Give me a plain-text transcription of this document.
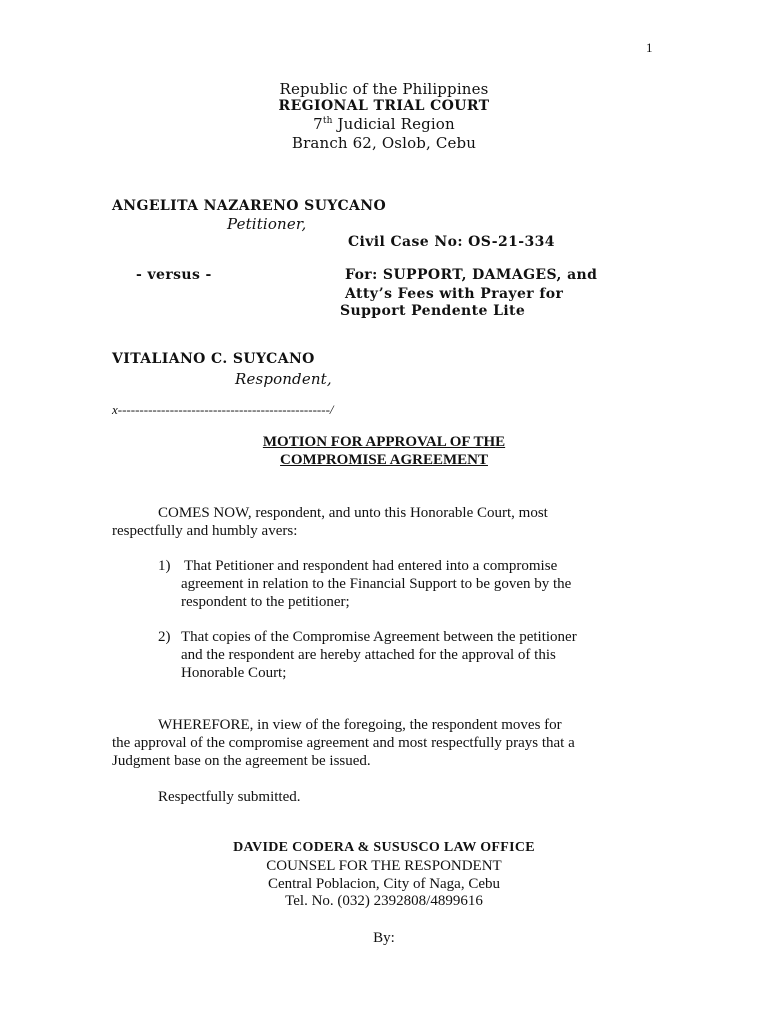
1
Republic of the Philippines
REGIONAL TRIAL COURT
7th Judicial Region
Branch 62, Oslob, Cebu
ANGELITA NAZARENO SUYCANO
Petitioner,
Civil Case No: OS-21-334
- versus -	For: SUPPORT, DAMAGES, and
Atty’s Fees with Prayer for
Support Pendente Lite
VITALIANO C. SUYCANO
Respondent,
x-------------------------------------------------/
MOTION FOR APPROVAL OF THE
COMPROMISE AGREEMENT
COMES NOW, respondent, and unto this Honorable Court, most
respectfully and humbly avers:
1) That Petitioner and respondent had entered into a compromise
agreement in relation to the Financial Support to be goven by the
respondent to the petitioner;
2) That copies of the Compromise Agreement between the petitioner
and the respondent are hereby attached for the approval of this
Honorable Court;
WHEREFORE, in view of the foregoing, the respondent moves for
the approval of the compromise agreement and most respectfully prays that a
Judgment base on the agreement be issued.
Respectfully submitted.
DAVIDE CODERA & SUSUSCO LAW OFFICE
COUNSEL FOR THE RESPONDENT
Central Poblacion, City of Naga, Cebu
Tel. No. (032) 2392808/4899616
By:
